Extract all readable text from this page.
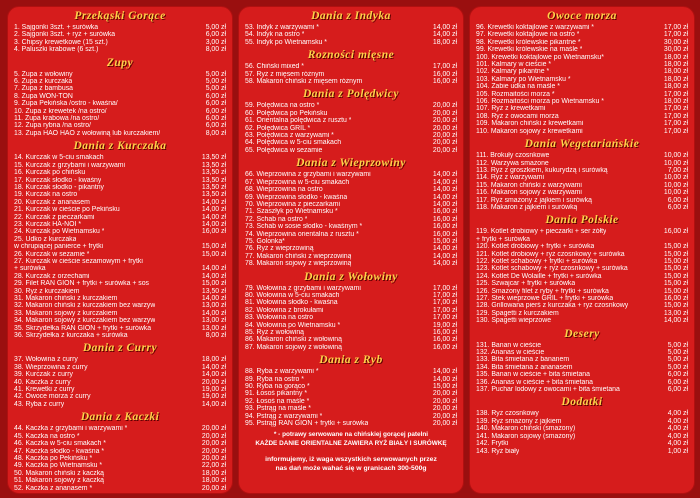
Przekąski Gorące
1. Sajgonki 3szt. + surówka	5,00 zł
2. Sajgonki 3szt. + ryż + surówka	6,00 zł
3. Chipsy krewetkowe (15 szt.)	3,00 zł
4. Paluszki krabowe (6 szt.)	8,00 zł
Zupy
5. Zupa z wołowiny	5,00 zł
6. Zupa z kurczaka	5,00 zł
7. Zupa z bambusa	5,00 zł
8. Zupa WON-TON	6,00 zł
9. Zupa Pekińska /ostro - kwaśna/	6,00 zł
10. Zupa z krewetek /na ostro/	6,00 zł
11. Zupa krabowa /na ostro/	6,00 zł
12. Zupa rybna /na ostro/	6,00 zł
13. Zupa HAO HAO z wołowiną lub kurczakiem/	8,00 zł
Dania z Kurczaka
14. Kurczak w 5-ciu smakach	13,50 zł
15. Kurczak z grzybami i warzywami	13,50 zł
16. Kurczak po chińsku	13,50 zł
17. Kurczak słodko - kwaśny	13,50 zł
18. Kurczak słodko - pikantny	13,50 zł
19. Kurczak na ostro	13,50 zł
20. Kurczak z ananasem	14,00 zł
21. Kurczak w cieście po Pekińsku	14,00 zł
22. Kurczak z pieczarkami	14,00 zł
23. Kurczak HA-NOI *	14,00 zł
24. Kurczak po Wietnamsku *	16,00 zł
25. Udko z kurczaka
w chrupiącej panierce + frytki	15,00 zł
26. Kurczak w sezamie *	15,00 zł
27. Kurczak w cieście sezamowym + frytki
+ surówka	14,00 zł
28. Kurczak z orzechami	14,00 zł
29. Filet RAN GION + frytki + surówka + sos	15,00 zł
30. Ryż z kurczakiem	13,50 zł
31. Makaron chiński z kurczakiem	14,00 zł
32. Makaron chiński z kurczakiem bez warzyw	13,00 zł
33. Makaron sojowy z kurczakiem	14,00 zł
34. Makaron sojowy z kurczakiem bez warzyw	13,00 zł
35. Skrzydełka RAN GION + frytki + surówka	13,00 zł
36. Skrzydełka z kurczaka + surówka	8,00 zł
Dania z Curry
37. Wołowina z curry	18,00 zł
38. Wieprzowina z curry	14,00 zł
39. Kurczak z curry	14,00 zł
40. Kaczka z curry	20,00 zł
41. Krewetki z curry	19,00 zł
42. Owoce morza z curry	19,00 zł
43. Ryba z curry	14,00 zł
Dania z Kaczki
44. Kaczka z grzybami i warzywami *	20,00 zł
45. Kaczka na ostro *	20,00 zł
46. Kaczka w 5-ciu smakach *	20,00 zł
47. Kaczka słodko - kwaśna *	20,00 zł
48. Kaczka po Pekińsku *	20,00 zł
49. Kaczka po Wietnamsku *	22,00 zł
50. Makaron chiński z kaczką	18,00 zł
51. Makaron sojowy z kaczką	18,00 zł
52. Kaczka z ananasem *	20,00 zł
Dania z Indyka
53. Indyk z warzywami *	14,00 zł
54. Indyk na ostro *	14,00 zł
55. Indyk po Wietnamsku *	18,00 zł
Rozności mięsne
56. Chiński mixed *	17,00 zł
57. Ryż z mięsem różnym	16,00 zł
58. Makaron chiński z mięsem różnym	16,00 zł
Dania z Polędwicy
59. Polędwica na ostro *	20,00 zł
60. Polędwica po Pekińsku	20,00 zł
61. Orientalna polędwica z rusztu *	20,00 zł
62. Polędwica GRIL *	20,00 zł
63. Polędwica z warzywami *	20,00 zł
64. Polędwica w 5-ciu smakach	20,00 zł
65. Polędwica w sezamie	20,00 zł
Dania z Wieprzowiny
66. Wieprzowina z grzybami i warzywami	14,00 zł
67. Wieprzowina w 5-ciu smakach	14,00 zł
68. Wieprzowina na ostro	14,00 zł
69. Wieprzowina słodko - kwaśna	14,00 zł
70. Wieprzowina z pieczarkami	14,00 zł
71. Szaszłyk po Wietnamsku *	16,00 zł
72. Schab na ostro *	16,00 zł
73. Schab w sosie słodko - kwaśnym *	16,00 zł
74. Wieprzowina orientalna z rusztu *	16,00 zł
75. Golonka*	15,00 zł
76. Ryż z wieprzowiną	14,00 zł
77. Makaron chiński z wieprzowiną	14,00 zł
78. Makaron sojowy z wieprzowiną	14,00 zł
Dania z Wołowiny
79. Wołowina z grzybami i warzywami	17,00 zł
80. Wołowina w 5-ciu smakach	17,00 zł
81. Wołowina słodko - kwaśna	17,00 zł
82. Wołowina z brokułami	17,00 zł
83. Wołowina na ostro	17,00 zł
84. Wołowina po Wietnamsku *	19,00 zł
85. Ryż z wołowiną	16,00 zł
86. Makaron chiński z wołowiną	16,00 zł
87. Makaron sojowy z wołowiną	16,00 zł
Dania z Ryb
88. Ryba z warzywami *	14,00 zł
89. Ryba na ostro *	14,00 zł
90. Ryba na gorąco *	15,00 zł
91. Łosoś pikantny *	20,00 zł
92. Łosoś na maśle *	20,00 zł
93. Pstrąg na maśle *	20,00 zł
94. Pstrąg z warzywami *	20,00 zł
95. Pstrąg RAN GION + frytki + surówka	20,00 zł
* - potrawy serwowane na chińskiej gorącej patelni
KAŻDE DANIE ORIENTALNE ZAWIERA RYŻ BIAŁY I SURÓWKĘ
informujemy, iż waga wszystkich serwowanych przez nas dań może wahać się w granicach 300-500g
Owoce morza
96. Krewetki koktajlowe z warzywami *	17,00 zł
97. Krewetki koktajlowe na ostro *	17,00 zł
98. Krewetki królewskie pikantne *	30,00 zł
99. Krewetki królewskie na maśle *	30,00 zł
100. Krewetki koktajlowe po Wietnamsku*	18,00 zł
101. Kalmary w cieście *	18,00 zł
102. Kalmary pikantne *	18,00 zł
103. Kalmary po Wietnamsku *	18,00 zł
104. Żabie udka na maśle *	18,00 zł
105. Rozmaitości morza *	17,00 zł
106. Rozmaitości morza po Wietnamsku *	18,00 zł
107. Ryż z krewetkami	17,00 zł
108. Ryż z owocami morza	17,00 zł
109. Makaron chiński z krewetkami	17,00 zł
110. Makaron sojowy z krewetkami	17,00 zł
Dania Wegetariańskie
111. Brokuły czosnkowe	10,00 zł
112. Warzywa smażone	10,00 zł
113. Ryż z groszkiem, kukurydzą i surówką	7,00 zł
114. Ryż z warzywami	10,00 zł
115. Makaron chiński z warzywami	10,00 zł
116. Makaron sojowy z warzywami	10,00 zł
117. Ryż smażony z jajkiem i surówką	6,00 zł
118. Makaron z jajkiem i surówką	6,00 zł
Dania Polskie
119. Kotlet drobiowy + pieczarki + ser żółty	16,00 zł
+ frytki + surówka
120. Kotlet drobiowy + frytki + surówka	15,00 zł
121. Kotlet drobiowy + ryż czosnkowy + surówka	15,00 zł
122. Kotlet schabowy + frytki + surówka	15,00 zł
123. Kotlet schabowy + ryż czosnkowy + surówka	15,00 zł
124. Kotlet De Wolaille + frytki + surówka	15,00 zł
125. Szwajcar + frytki + surówka	15,00 zł
126. Smażony filet z ryby + frytki + surówka	15,00 zł
127. Stek wieprzowe GRIL + frytki + surówka	16,00 zł
128. Grillowana pierś z kurczaka + ryż czosnkowy	15,00 zł
129. Spagetti z kurczakiem	13,00 zł
130. Spagetti wieprzowe	14,00 zł
Desery
131. Banan w cieście	5,00 zł
132. Ananas w cieście	5,00 zł
133. Bita śmietana z bananem	5,00 zł
134. Bita śmietana z ananasem	5,00 zł
135. Banan w cieście + bita śmietana	6,00 zł
136. Ananas w cieście + bita śmietana	6,00 zł
137. Puchar lodowy z owocami + bita śmietana	6,00 zł
Dodatki
138. Ryż czosnkowy	4,00 zł
139. Ryż smażony z jajkiem	4,00 zł
140. Makaron chiński (smażony)	4,00 zł
141. Makaron sojowy (smażony)	4,00 zł
142. Frytki	4,00 zł
143. Ryż biały	1,00 zł
